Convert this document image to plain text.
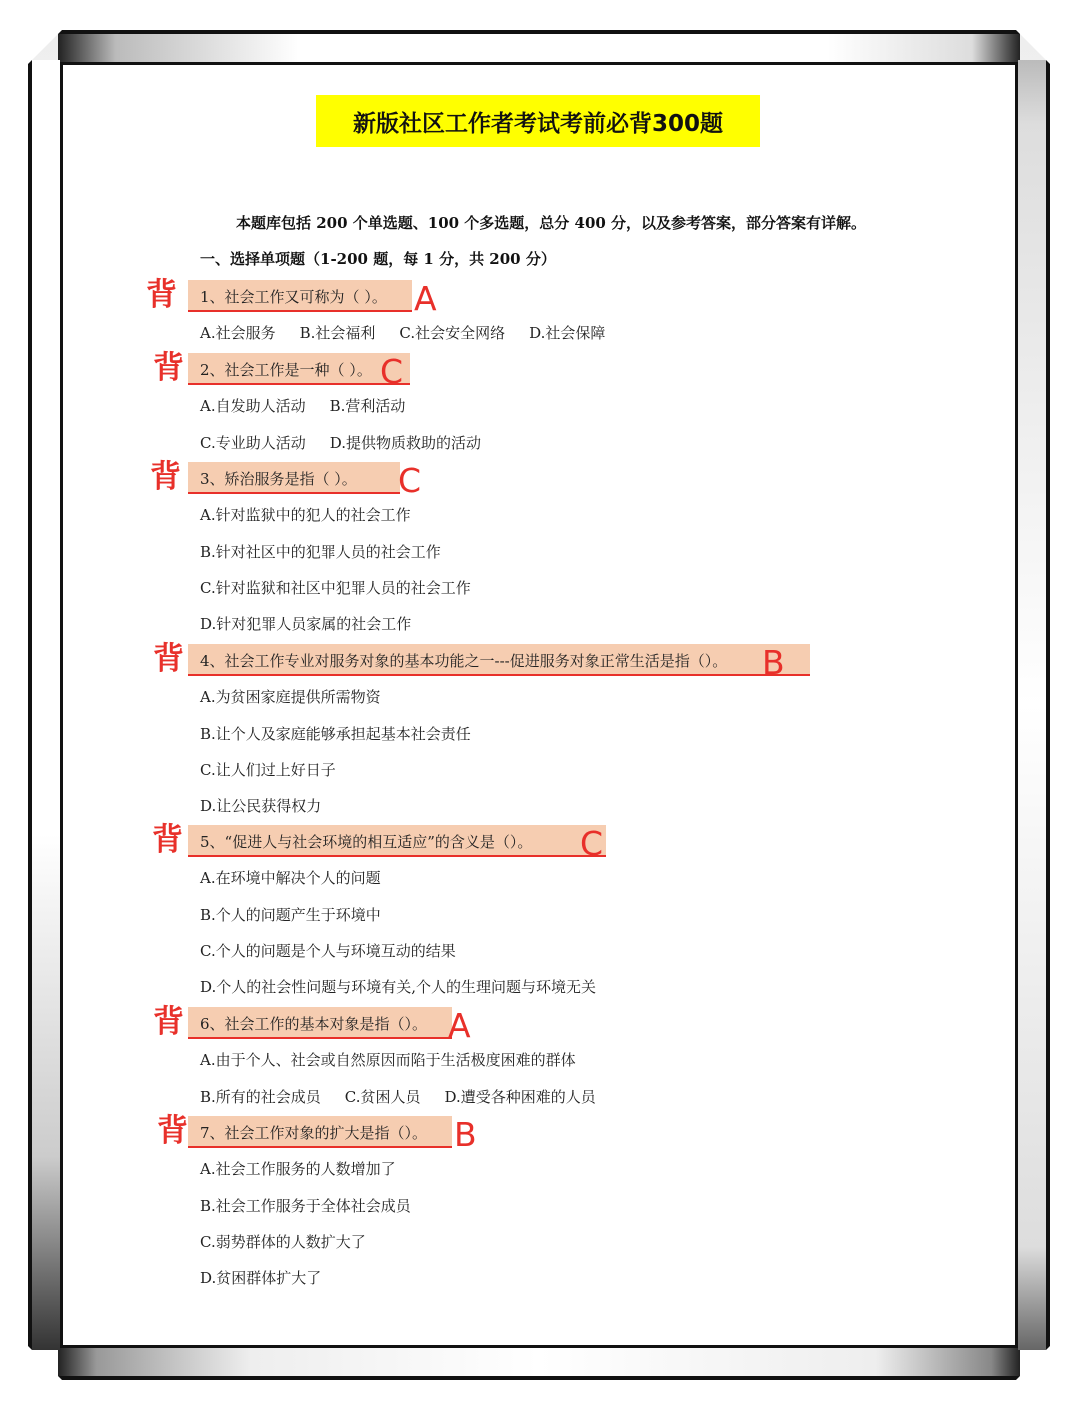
新版社区工作者考试考前必背300题
本题库包括 200 个单选题、100 个多选题，总分 400 分，以及参考答案，部分答案有详解。
一、选择单项题（1-200 题，每 1 分，共 200 分）
背 1、社会工作又可称为（ ）。 A
A.社会服务 B.社会福利 C.社会安全网络 D.社会保障
背 2、社会工作是一种（ ）。 C
A.自发助人活动 B.营利活动
C.专业助人活动 D.提供物质救助的活动
背 3、矫治服务是指（ ）。 C
A.针对监狱中的犯人的社会工作
B.针对社区中的犯罪人员的社会工作
C.针对监狱和社区中犯罪人员的社会工作
D.针对犯罪人员家属的社会工作
背 4、社会工作专业对服务对象的基本功能之一---促进服务对象正常生活是指（）。 B
A.为贫困家庭提供所需物资
B.让个人及家庭能够承担起基本社会责任
C.让人们过上好日子
D.让公民获得权力
背 5、“促进人与社会环境的相互适应”的含义是（）。 C
A.在环境中解决个人的问题
B.个人的问题产生于环境中
C.个人的问题是个人与环境互动的结果
D.个人的社会性问题与环境有关,个人的生理问题与环境无关
背 6、社会工作的基本对象是指（）。 A
A.由于个人、社会或自然原因而陷于生活极度困难的群体
B.所有的社会成员 C.贫困人员 D.遭受各种困难的人员
背 7、社会工作对象的扩大是指（）。 B
A.社会工作服务的人数增加了
B.社会工作服务于全体社会成员
C.弱势群体的人数扩大了
D.贫困群体扩大了
